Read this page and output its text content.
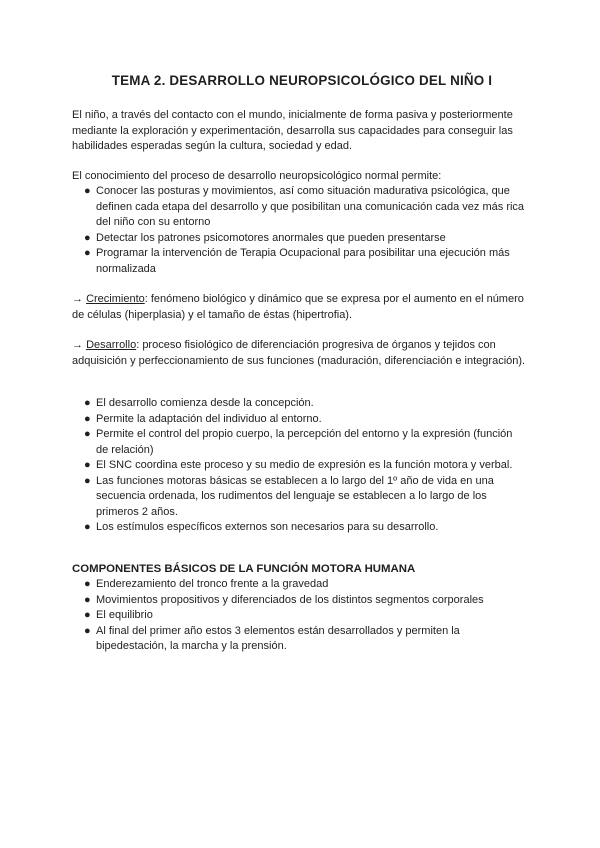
TEMA 2. DESARROLLO NEUROPSICOLÓGICO DEL NIÑO I

El niño, a través del contacto con el mundo, inicialmente de forma pasiva y posteriormente mediante la exploración y experimentación, desarrolla sus capacidades para conseguir las habilidades esperadas según la cultura, sociedad y edad.

El conocimiento del proceso de desarrollo neuropsicológico normal permite:

● Conocer las posturas y movimientos, así como situación madurativa psicológica, que definen cada etapa del desarrollo y que posibilitan una comunicación cada vez más rica del niño con su entorno
● Detectar los patrones psicomotores anormales que pueden presentarse
● Programar la intervención de Terapia Ocupacional para posibilitar una ejecución más normalizada

→ Crecimiento: fenómeno biológico y dinámico que se expresa por el aumento en el número de células (hiperplasia) y el tamaño de éstas (hipertrofia).

→ Desarrollo: proceso fisiológico de diferenciación progresiva de órganos y tejidos con adquisición y perfeccionamiento de sus funciones (maduración, diferenciación e integración).

● El desarrollo comienza desde la concepción.
● Permite la adaptación del individuo al entorno.
● Permite el control del propio cuerpo, la percepción del entorno y la expresión (función de relación)
● El SNC coordina este proceso y su medio de expresión es la función motora y verbal.
● Las funciones motoras básicas se establecen a lo largo del 1º año de vida en una secuencia ordenada, los rudimentos del lenguaje se establecen a lo largo de los primeros 2 años.
● Los estímulos específicos externos son necesarios para su desarrollo.

COMPONENTES BÁSICOS DE LA FUNCIÓN MOTORA HUMANA

● Enderezamiento del tronco frente a la gravedad
● Movimientos propositivos y diferenciados de los distintos segmentos corporales
● El equilibrio
● Al final del primer año estos 3 elementos están desarrollados y permiten la bipedestación, la marcha y la prensión.
